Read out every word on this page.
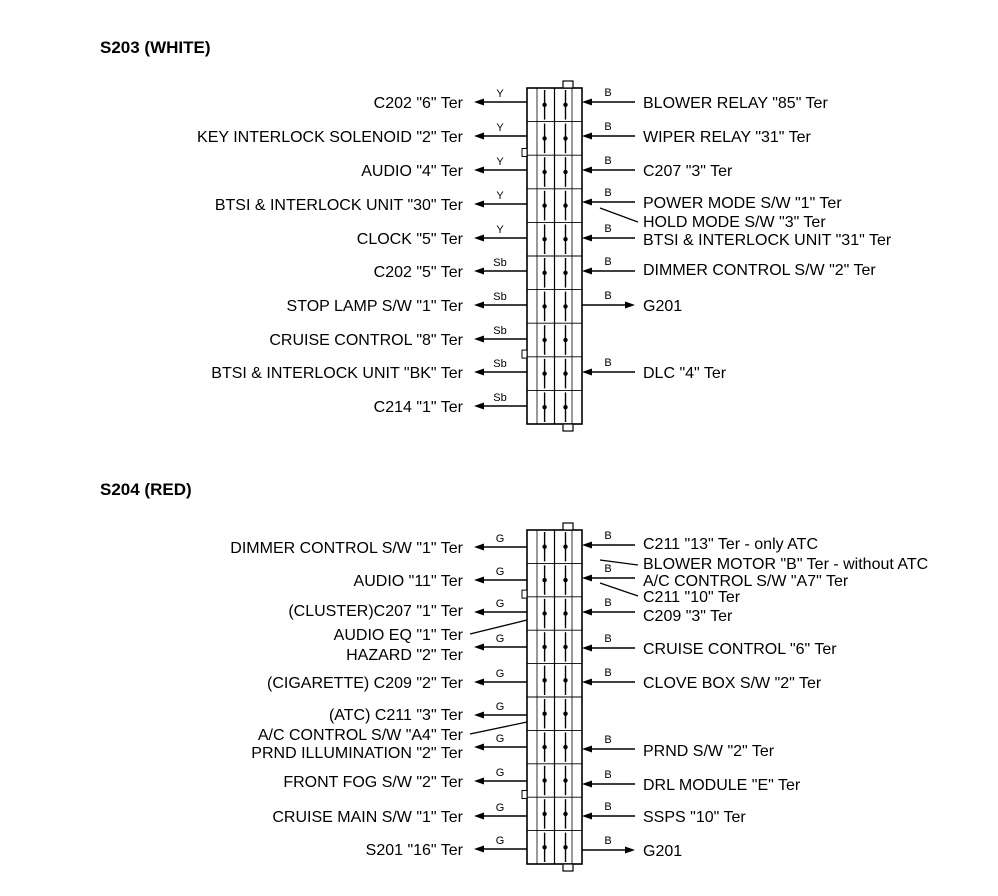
S203 (WHITE)
S204 (RED)
C202 "6" Ter
Y
KEY INTERLOCK SOLENOID "2" Ter
Y
AUDIO "4" Ter
Y
BTSI & INTERLOCK UNIT "30" Ter
Y
CLOCK "5" Ter
Y
C202 "5" Ter
Sb
STOP LAMP S/W "1" Ter
Sb
CRUISE CONTROL "8" Ter
Sb
BTSI & INTERLOCK UNIT "BK" Ter
Sb
C214 "1" Ter
Sb
BLOWER RELAY "85" Ter
B
WIPER RELAY "31" Ter
B
C207 "3" Ter
B
POWER MODE S/W "1" Ter
B
HOLD MODE S/W "3" Ter
BTSI & INTERLOCK UNIT "31" Ter
B
DIMMER CONTROL S/W "2" Ter
B
G201
B
DLC "4" Ter
B
DIMMER CONTROL S/W "1" Ter
G
AUDIO "11" Ter
G
(CLUSTER)C207 "1" Ter	G
AUDIO EQ "1" Ter
HAZARD "2" Ter
G
(CIGARETTE) C209 "2" Ter
G
(ATC) C211 "3" Ter	G
A/C CONTROL S/W "A4" Ter
PRND ILLUMINATION "2" Ter
G
FRONT FOG S/W "2" Ter
G
CRUISE MAIN S/W "1" Ter
G
S201 "16" Ter
G
C211 "13" Ter - only ATC
B
BLOWER MOTOR "B" Ter - without ATC
A/C CONTROL S/W "A7" Ter
B
C211 "10" Ter
C209 "3" Ter
B
CRUISE CONTROL "6" Ter
B
CLOVE BOX S/W "2" Ter
B
PRND S/W "2" Ter
B
DRL MODULE "E" Ter
B
SSPS "10" Ter
B
G201
B
